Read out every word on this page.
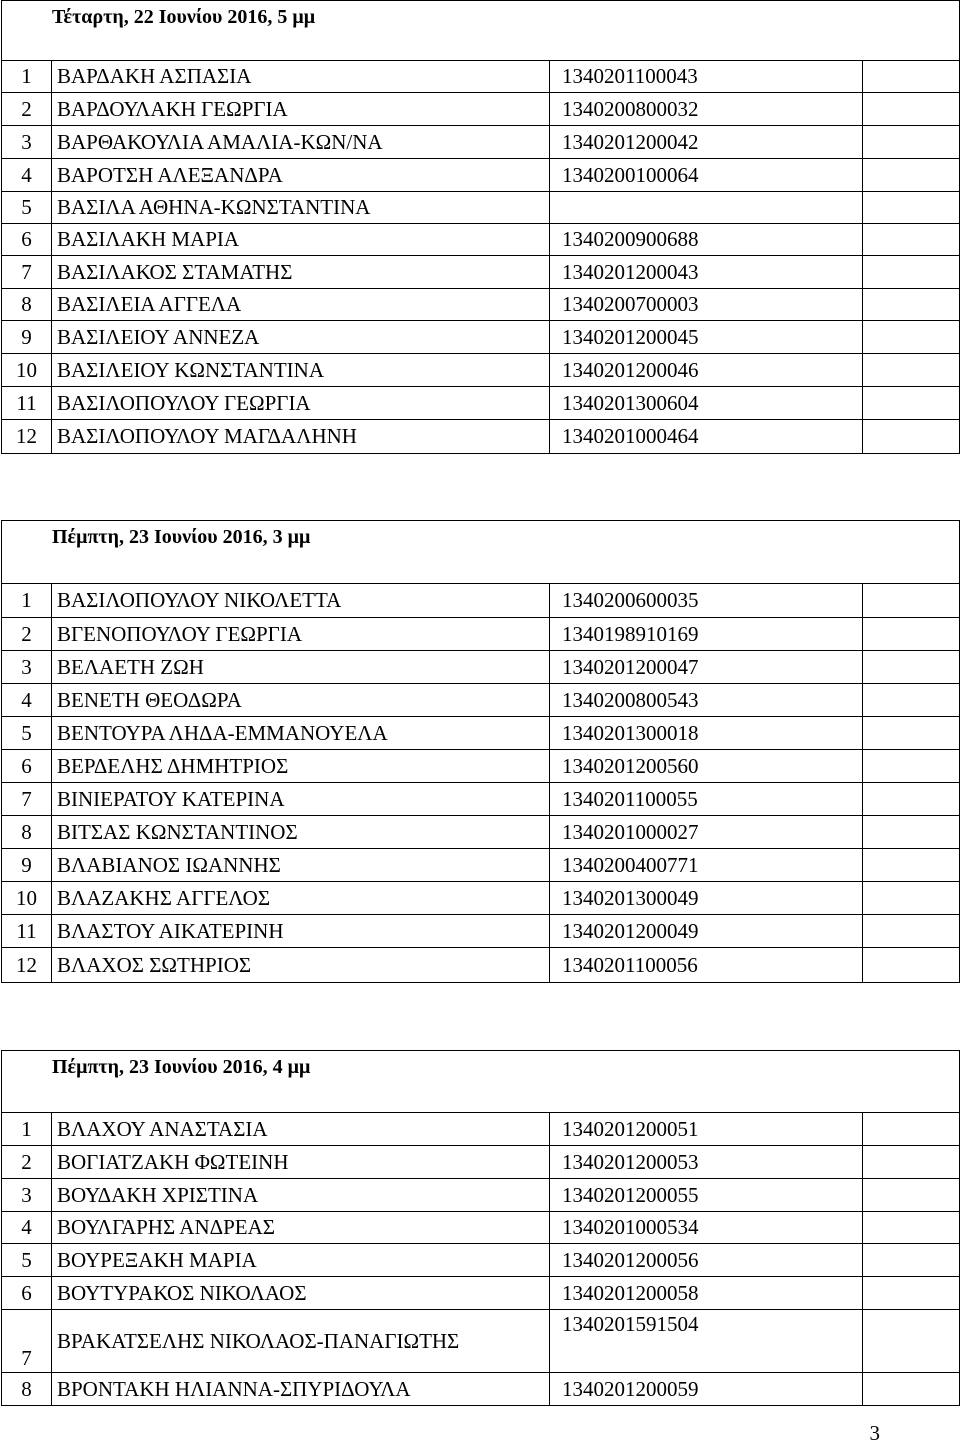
Τέταρτη, 22 Ιουνίου 2016, 5 μμ			
1	ΒΑΡΔΑΚΗ ΑΣΠΑΣΙΑ	1340201100043	
2	ΒΑΡΔΟΥΛΑΚΗ ΓΕΩΡΓΙΑ	1340200800032	
3	ΒΑΡΘΑΚΟΥΛΙΑ ΑΜΑΛΙΑ-ΚΩΝ/ΝΑ	1340201200042	
4	ΒΑΡΟΤΣΗ ΑΛΕΞΑΝΔΡΑ	1340200100064	
5	ΒΑΣΙΛΑ ΑΘΗΝΑ-ΚΩΝΣΤΑΝΤΙΝΑ		
6	ΒΑΣΙΛΑΚΗ ΜΑΡΙΑ	1340200900688	
7	ΒΑΣΙΛΑΚΟΣ ΣΤΑΜΑΤΗΣ	1340201200043	
8	ΒΑΣΙΛΕΙΑ ΑΓΓΕΛΑ	1340200700003	
9	ΒΑΣΙΛΕΙΟΥ ΑΝΝΕΖΑ	1340201200045	
10	ΒΑΣΙΛΕΙΟΥ ΚΩΝΣΤΑΝΤΙΝΑ	1340201200046	
11	ΒΑΣΙΛΟΠΟΥΛΟΥ ΓΕΩΡΓΙΑ	1340201300604	
12	ΒΑΣΙΛΟΠΟΥΛΟΥ ΜΑΓΔΑΛΗΝΗ	1340201000464	
Πέμπτη, 23 Ιουνίου 2016, 3 μμ			
1	ΒΑΣΙΛΟΠΟΥΛΟΥ ΝΙΚΟΛΕΤΤΑ	1340200600035	
2	ΒΓΕΝΟΠΟΥΛΟΥ ΓΕΩΡΓΙΑ	1340198910169	
3	ΒΕΛΑΕΤΗ ΖΩΗ	1340201200047	
4	ΒΕΝΕΤΗ ΘΕΟΔΩΡΑ	1340200800543	
5	ΒΕΝΤΟΥΡΑ ΛΗΔΑ-ΕΜΜΑΝΟΥΕΛΑ	1340201300018	
6	ΒΕΡΔΕΛΗΣ ΔΗΜΗΤΡΙΟΣ	1340201200560	
7	ΒΙΝΙΕΡΑΤΟΥ ΚΑΤΕΡΙΝΑ	1340201100055	
8	ΒΙΤΣΑΣ ΚΩΝΣΤΑΝΤΙΝΟΣ	1340201000027	
9	ΒΛΑΒΙΑΝΟΣ ΙΩΑΝΝΗΣ	1340200400771	
10	ΒΛΑΖΑΚΗΣ ΑΓΓΕΛΟΣ	1340201300049	
11	ΒΛΑΣΤΟΥ ΑΙΚΑΤΕΡΙΝΗ	1340201200049	
12	ΒΛΑΧΟΣ ΣΩΤΗΡΙΟΣ	1340201100056	
Πέμπτη, 23 Ιουνίου 2016, 4 μμ			
1	ΒΛΑΧΟΥ ΑΝΑΣΤΑΣΙΑ	1340201200051	
2	ΒΟΓΙΑΤΖΑΚΗ ΦΩΤΕΙΝΗ	1340201200053	
3	ΒΟΥΔΑΚΗ ΧΡΙΣΤΙΝΑ	1340201200055	
4	ΒΟΥΛΓΑΡΗΣ ΑΝΔΡΕΑΣ	1340201000534	
5	ΒΟΥΡΕΞΑΚΗ ΜΑΡΙΑ	1340201200056	
6	ΒΟΥΤΥΡΑΚΟΣ ΝΙΚΟΛΑΟΣ	1340201200058	
7	ΒΡΑΚΑΤΣΕΛΗΣ ΝΙΚΟΛΑΟΣ-ΠΑΝΑΓΙΩΤΗΣ	1340201591504	
8	ΒΡΟΝΤΑΚΗ ΗΛΙΑΝΝΑ-ΣΠΥΡΙΔΟΥΛΑ	1340201200059	
3
